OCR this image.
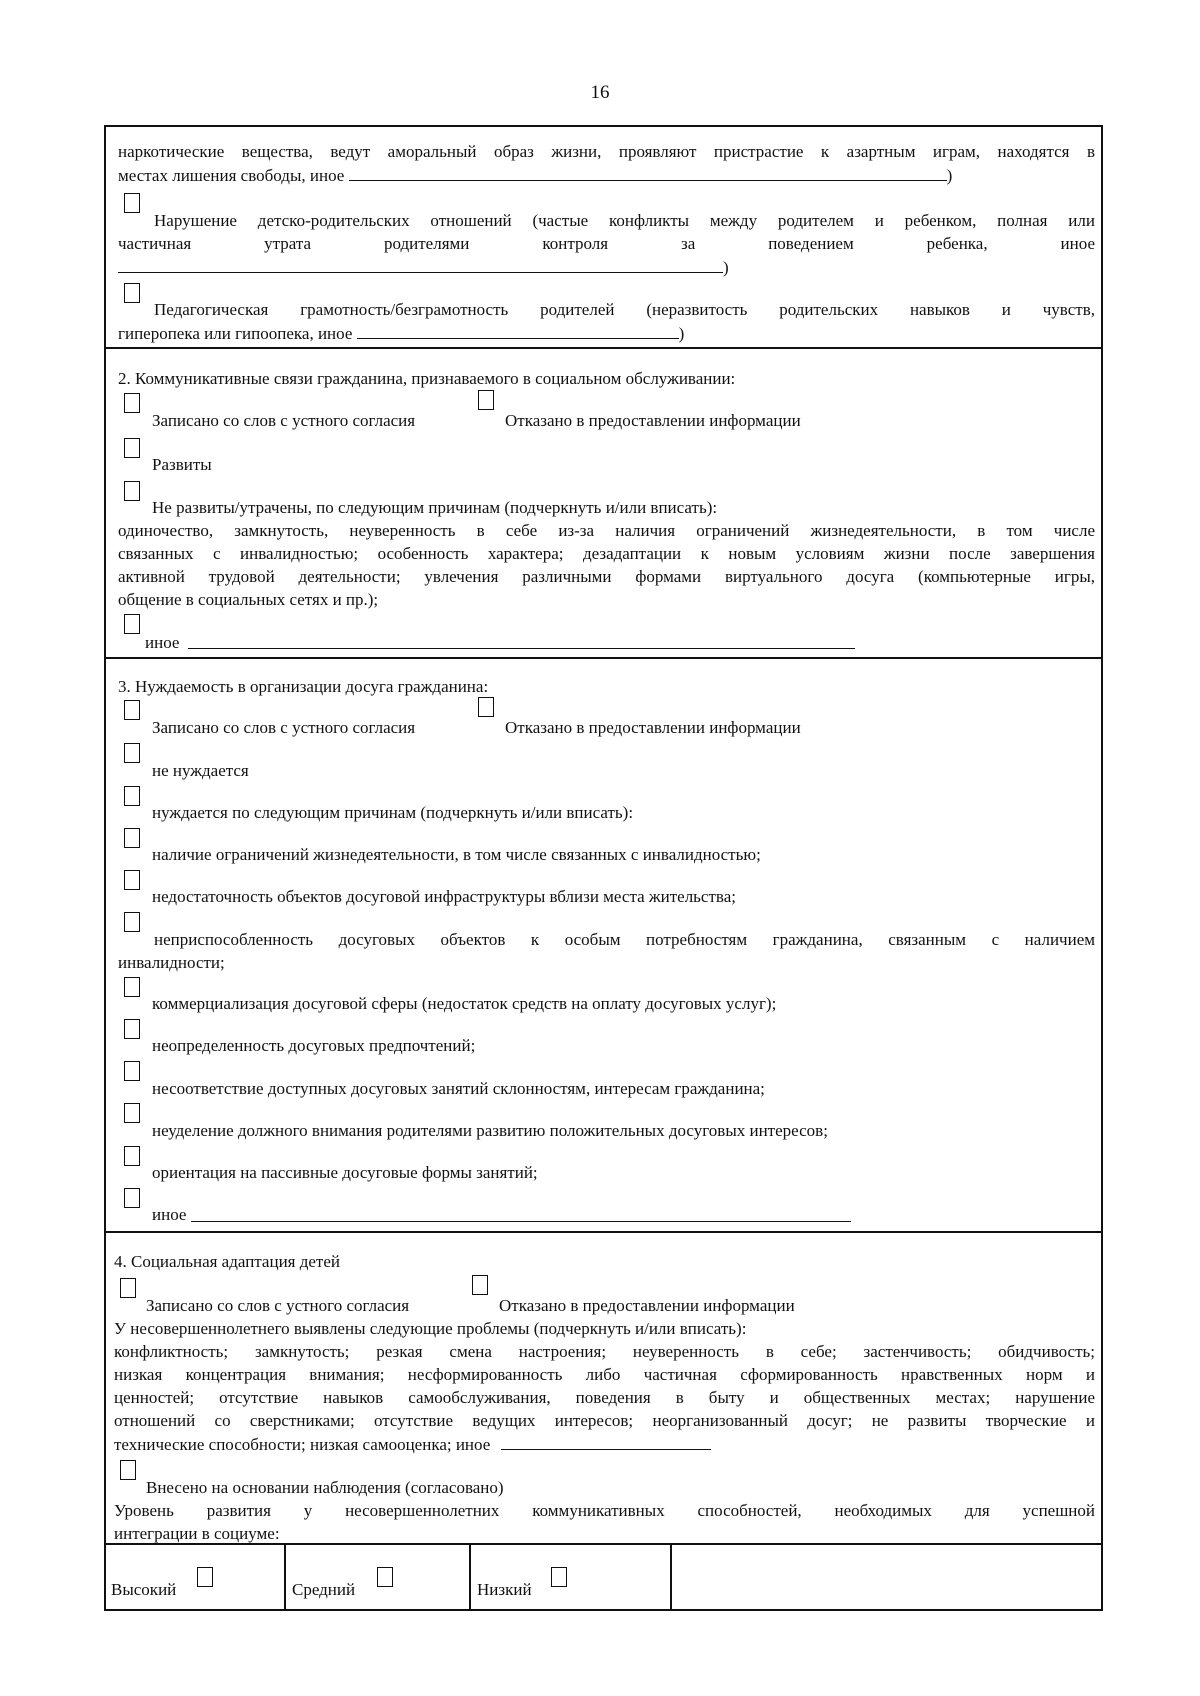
16
наркотические вещества, ведут аморальный образ жизни, проявляют пристрастие к азартным играм, находятся в
местах лишения свободы, иное	)
Нарушение детско-родительских отношений (частые конфликты между родителем и ребенком, полная или
частичная утрата родителями контроля за поведением ребенка, иное
)
Педагогическая грамотность/безграмотность родителей (неразвитость родительских навыков и чувств,
гиперопека или гипоопека, иное	)
2. Коммуникативные связи гражданина, признаваемого в социальном обслуживании:
Записано со слов с устного согласия	Отказано в предоставлении информации
Развиты
Не развиты/утрачены, по следующим причинам (подчеркнуть и/или вписать):
одиночество, замкнутость, неуверенность в себе из-за наличия ограничений жизнедеятельности, в том числе
связанных с инвалидностью; особенность характера; дезадаптации к новым условиям жизни после завершения
активной трудовой деятельности; увлечения различными формами виртуального досуга (компьютерные игры,
общение в социальных сетях и пр.);
иное
3. Нуждаемость в организации досуга гражданина:
Записано со слов с устного согласия	Отказано в предоставлении информации
не нуждается
нуждается по следующим причинам (подчеркнуть и/или вписать):
наличие ограничений жизнедеятельности, в том числе связанных с инвалидностью;
недостаточность объектов досуговой инфраструктуры вблизи места жительства;
неприспособленность досуговых объектов к особым потребностям гражданина, связанным с наличием
инвалидности;
коммерциализация досуговой сферы (недостаток средств на оплату досуговых услуг);
неопределенность досуговых предпочтений;
несоответствие доступных досуговых занятий склонностям, интересам гражданина;
неуделение должного внимания родителями развитию положительных досуговых интересов;
ориентация на пассивные досуговые формы занятий;
иное
4. Социальная адаптация детей
Записано со слов с устного согласия	Отказано в предоставлении информации
У несовершеннолетнего выявлены следующие проблемы (подчеркнуть и/или вписать):
конфликтность; замкнутость; резкая смена настроения; неуверенность в себе; застенчивость; обидчивость;
низкая концентрация внимания; несформированность либо частичная сформированность нравственных норм и
ценностей; отсутствие навыков самообслуживания, поведения в быту и общественных местах; нарушение
отношений со сверстниками; отсутствие ведущих интересов; неорганизованный досуг; не развиты творческие и
технические способности; низкая самооценка; иное
Внесено на основании наблюдения (согласовано)
Уровень развития у несовершеннолетних коммуникативных способностей, необходимых для успешной
интеграции в социуме:
Высокий	Средний	Низкий
